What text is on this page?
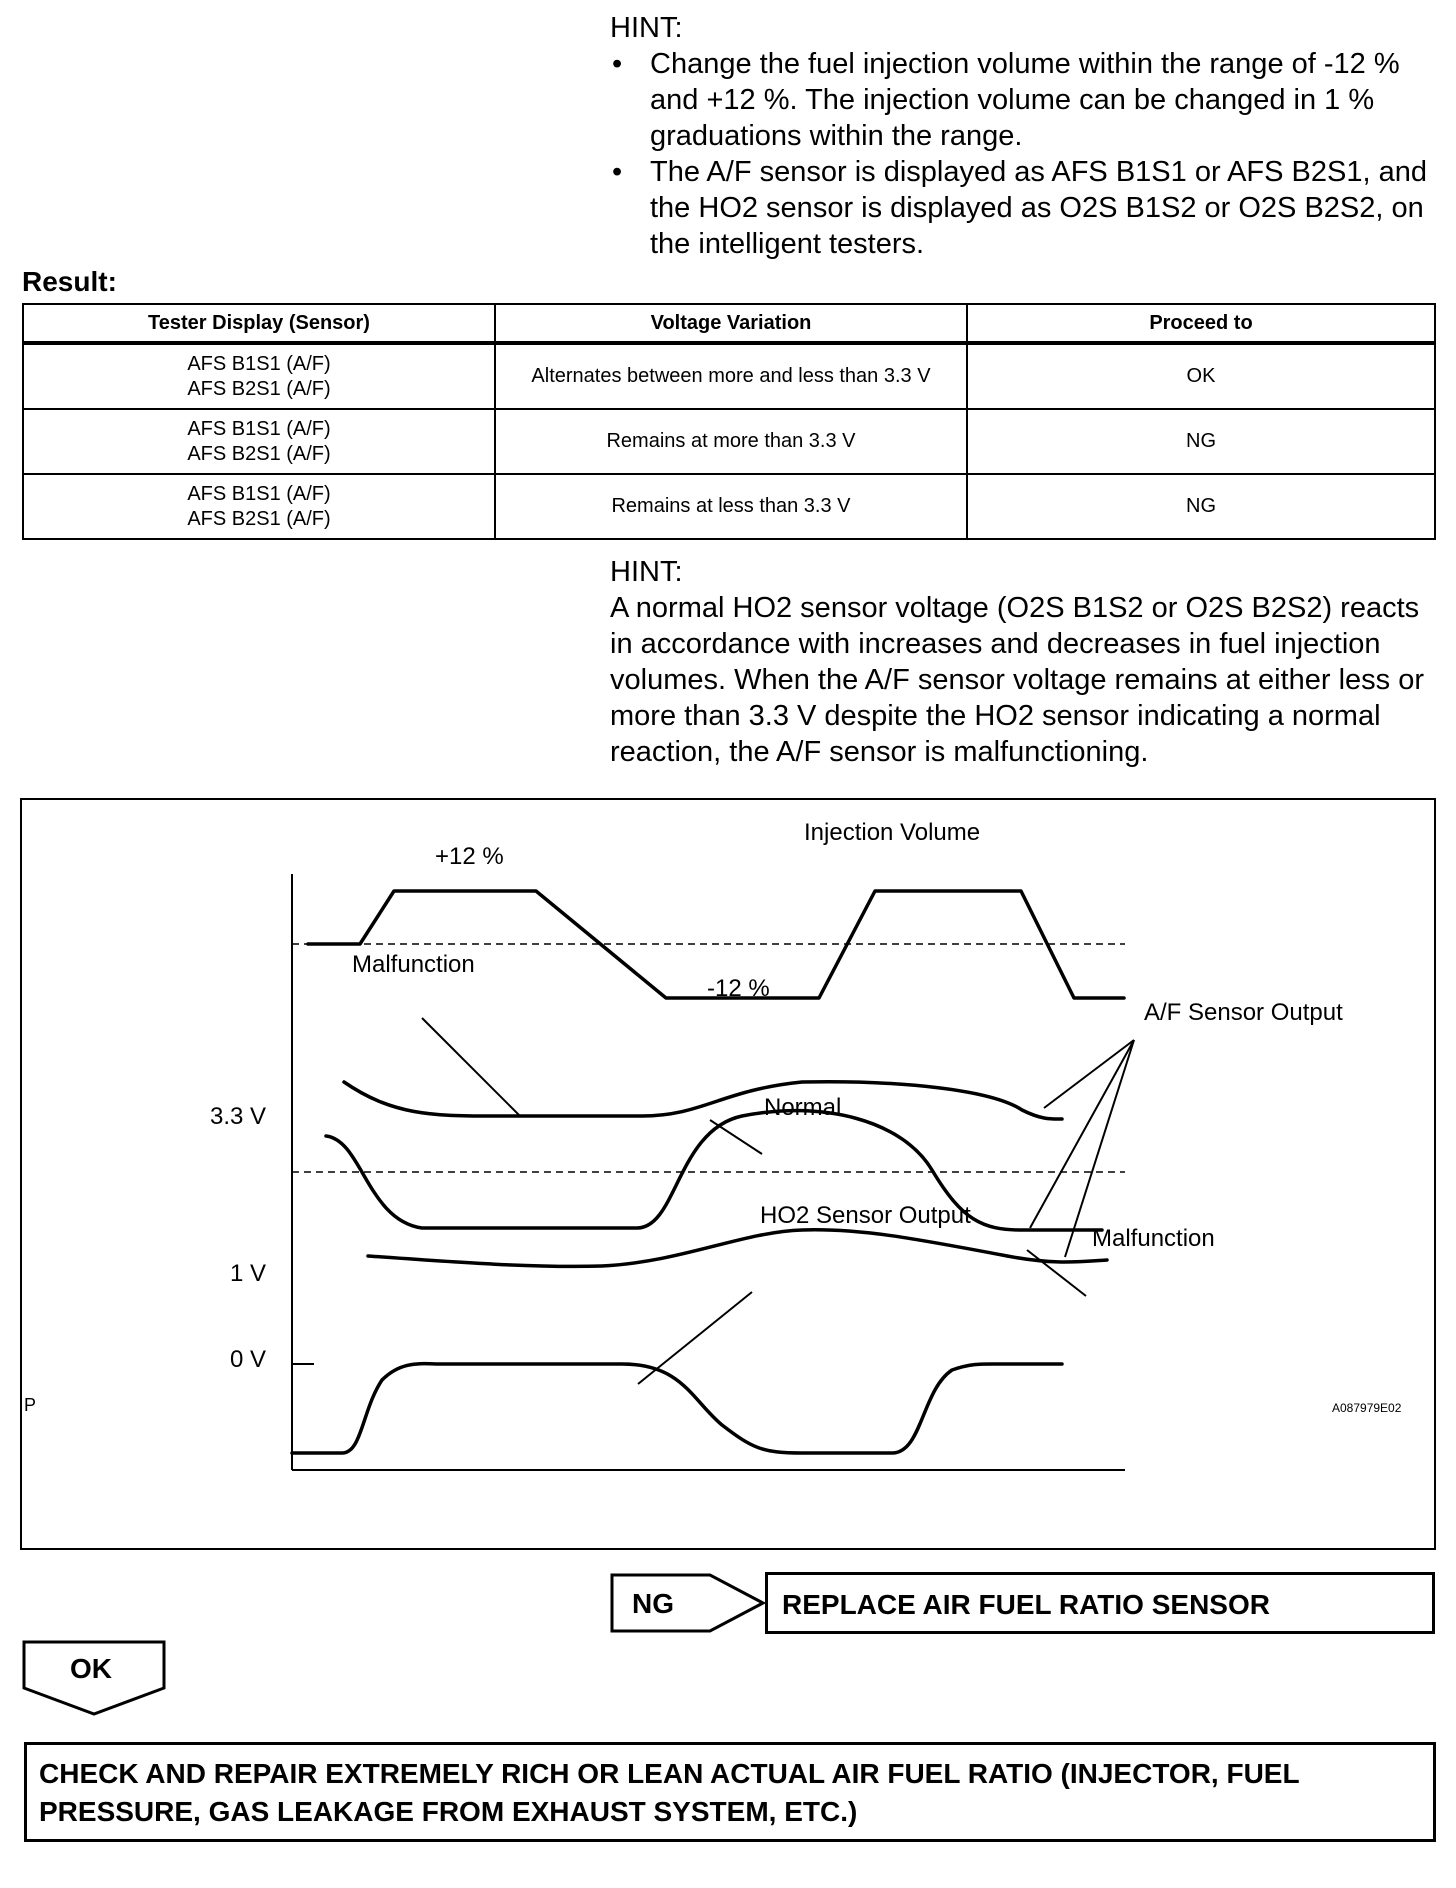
HINT:
• Change the fuel injection volume within the range of -12 % and +12 %. The injection volume can be changed in 1 % graduations within the range.
• The A/F sensor is displayed as AFS B1S1 or AFS B2S1, and the HO2 sensor is displayed as O2S B1S2 or O2S B2S2, on the intelligent testers.
Result:
Tester Display (Sensor)	Voltage Variation	Proceed to

AFS B1S1 (A/F)
AFS B2S1 (A/F)	Alternates between more and less than 3.3 V	OK

AFS B1S1 (A/F)
AFS B2S1 (A/F)	Remains at more than 3.3 V	NG

AFS B1S1 (A/F)
AFS B2S1 (A/F)	Remains at less than 3.3 V	NG
HINT:
A normal HO2 sensor voltage (O2S B1S2 or O2S B2S2) reacts in accordance with increases and decreases in fuel injection volumes. When the A/F sensor voltage remains at either less or more than 3.3 V despite the HO2 sensor indicating a normal reaction, the A/F sensor is malfunctioning.
Injection Volume
+12 %
Malfunction
-12 %
A/F Sensor Output
Normal
3.3 V
Malfunction
HO2 Sensor Output
1 V
0 V
P	A087979E02
NG	REPLACE AIR FUEL RATIO SENSOR
OK
CHECK AND REPAIR EXTREMELY RICH OR LEAN ACTUAL AIR FUEL RATIO (INJECTOR, FUEL PRESSURE, GAS LEAKAGE FROM EXHAUST SYSTEM, ETC.)
